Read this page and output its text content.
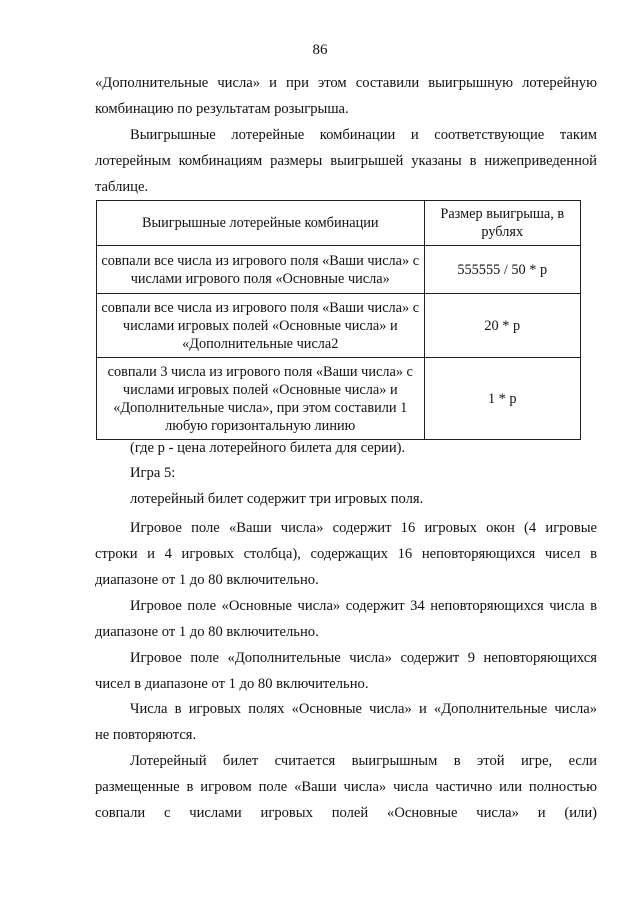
86
«Дополнительные числа» и при этом составили выигрышную лотерейную
комбинацию по результатам розыгрыша.
Выигрышные лотерейные комбинации и соответствующие таким
лотерейным комбинациям размеры выигрышей указаны в нижеприведенной
таблице.
Выигрышные лотерейные комбинации	Размер выигрыша, в рублях
совпали все числа из игрового поля «Ваши числа» с числами игрового поля «Основные числа»	555555 / 50 * р
совпали все числа из игрового поля «Ваши числа» с числами игровых полей «Основные числа» и «Дополнительные числа2	20 * р
совпали 3 числа из игрового поля «Ваши числа» с числами игровых полей «Основные числа» и «Дополнительные числа», при этом составили 1 любую горизонтальную линию	1 * р
(где р - цена лотерейного билета для серии).
Игра 5:
лотерейный билет содержит три игровых поля.
Игровое поле «Ваши числа» содержит 16 игровых окон (4 игровые
строки и 4 игровых столбца), содержащих 16 неповторяющихся чисел в
диапазоне от 1 до 80 включительно.
Игровое поле «Основные числа» содержит 34 неповторяющихся числа в
диапазоне от 1 до 80 включительно.
Игровое поле «Дополнительные числа» содержит 9 неповторяющихся
чисел в диапазоне от 1 до 80 включительно.
Числа в игровых полях «Основные числа» и «Дополнительные числа»
не повторяются.
Лотерейный билет считается выигрышным в этой игре, если
размещенные в игровом поле «Ваши числа» числа частично или полностью
совпали с числами игровых полей «Основные числа» и (или)
